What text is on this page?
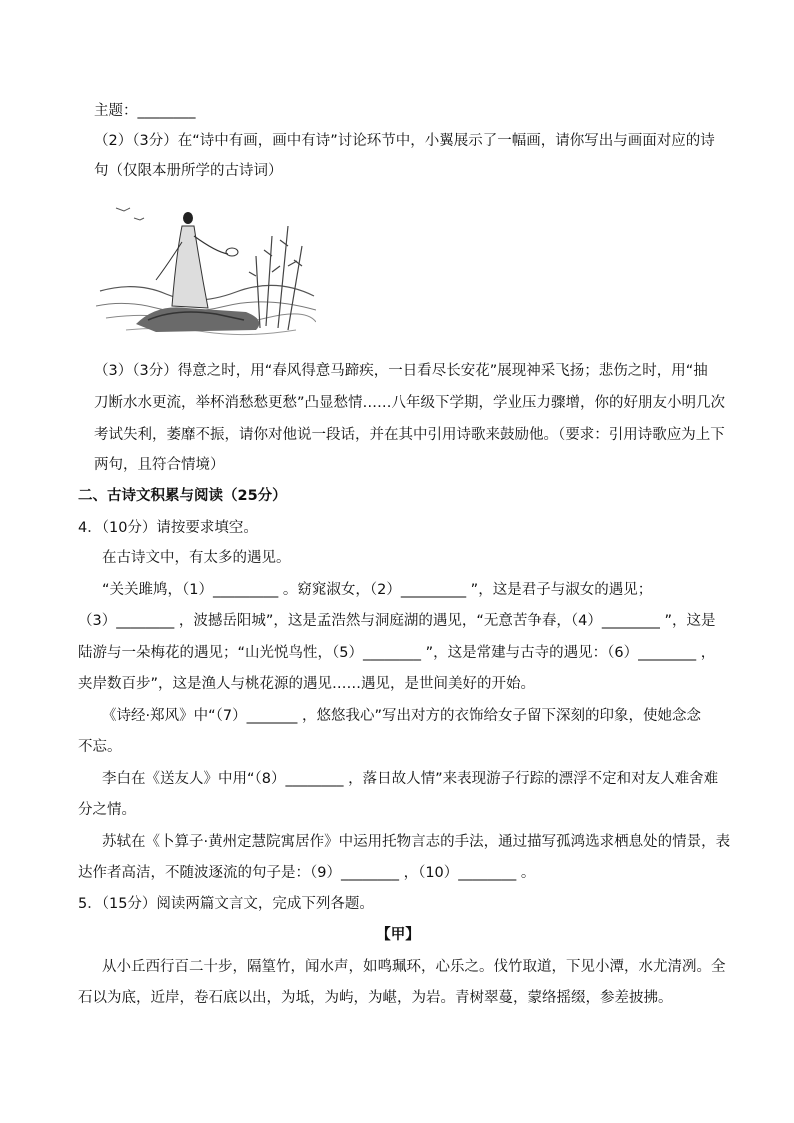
主题：________
（2）（3分）在“诗中有画，画中有诗”讨论环节中，小翼展示了一幅画，请你写出与画面对应的诗
句（仅限本册所学的古诗词）
（3）（3分）得意之时，用“春风得意马蹄疾，一日看尽长安花”展现神采飞扬；悲伤之时，用“抽
刀断水水更流，举杯消愁愁更愁”凸显愁情……八年级下学期，学业压力骤增，你的好朋友小明几次
考试失利，萎靡不振，请你对他说一段话，并在其中引用诗歌来鼓励他。（要求：引用诗歌应为上下
两句，且符合情境）
二、古诗文积累与阅读（25分）
4．（10分）请按要求填空。
在古诗文中，有太多的遇见。
“关关雎鸠，（1）_________ 。窈窕淑女，（2）_________ ”，这是君子与淑女的遇见；
（3）________ ，波撼岳阳城”，这是孟浩然与洞庭湖的遇见，“无意苦争春，（4）________ ”，这是
陆游与一朵梅花的遇见；“山光悦鸟性，（5）________ ”，这是常建与古寺的遇见：（6）________ ，
夹岸数百步”，这是渔人与桃花源的遇见……遇见，是世间美好的开始。
《诗经·郑风》中“（7）_______ ，悠悠我心”写出对方的衣饰给女子留下深刻的印象，使她念念
不忘。
李白在《送友人》中用“（8）________ ，落日故人情”来表现游子行踪的漂浮不定和对友人难舍难
分之情。
苏轼在《卜算子·黄州定慧院寓居作》中运用托物言志的手法，通过描写孤鸿选求栖息处的情景，表
达作者高洁，不随波逐流的句子是：（9）________ ，（10）________ 。
5．（15分）阅读两篇文言文，完成下列各题。
【甲】
从小丘西行百二十步，隔篁竹，闻水声，如鸣珮环，心乐之。伐竹取道，下见小潭，水尤清冽。全
石以为底，近岸，卷石底以出，为坻，为屿，为嵁，为岩。青树翠蔓，蒙络摇缀，参差披拂。
